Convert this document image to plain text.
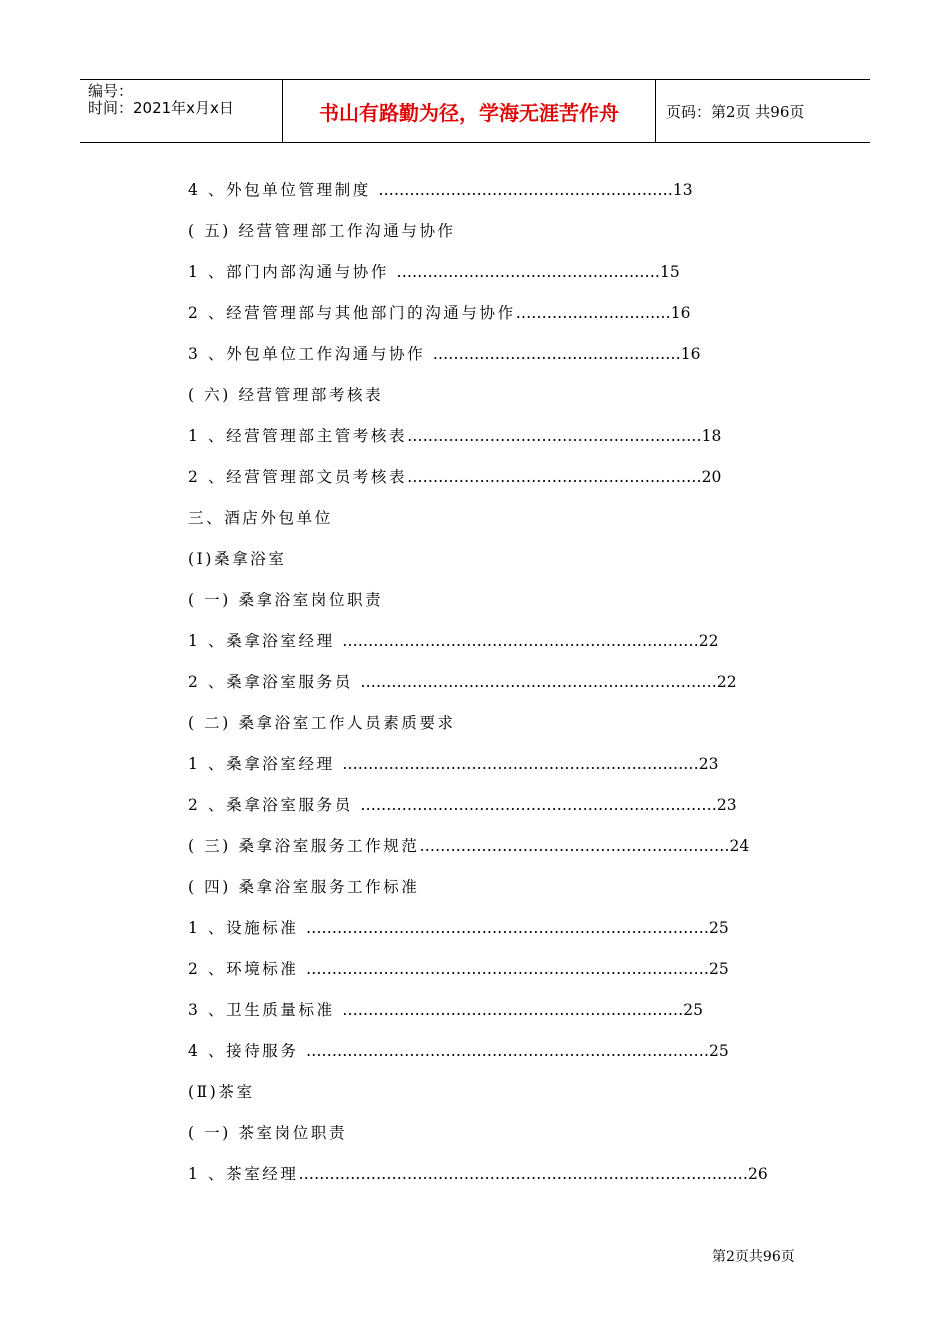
编号：
时间：2021年x月x日	书山有路勤为径，学海无涯苦作舟	页码：第2页 共96页
4 、外包单位管理制度 …………………………………………………13
( 五) 经营管理部工作沟通与协作
1 、部门内部沟通与协作 ……………………………………………15
2 、经营管理部与其他部门的沟通与协作…………………………16
3 、外包单位工作沟通与协作 …………………………………………16
( 六) 经营管理部考核表
1 、经营管理部主管考核表…………………………………………………18
2 、经营管理部文员考核表…………………………………………………20
三、酒店外包单位
(Ⅰ)桑拿浴室
( 一) 桑拿浴室岗位职责
1 、桑拿浴室经理 ……………………………………………………………22
2 、桑拿浴室服务员 ……………………………………………………………22
( 二) 桑拿浴室工作人员素质要求
1 、桑拿浴室经理 ……………………………………………………………23
2 、桑拿浴室服务员 ……………………………………………………………23
( 三) 桑拿浴室服务工作规范……………………………………………………24
( 四) 桑拿浴室服务工作标准
1 、设施标准 ……………………………………………………………………25
2 、环境标准 ……………………………………………………………………25
3 、卫生质量标准 …………………………………………………………25
4 、接待服务 ……………………………………………………………………25
(Ⅱ)茶室
( 一) 茶室岗位职责
1 、茶室经理……………………………………………………………………………26
第2页共96页
